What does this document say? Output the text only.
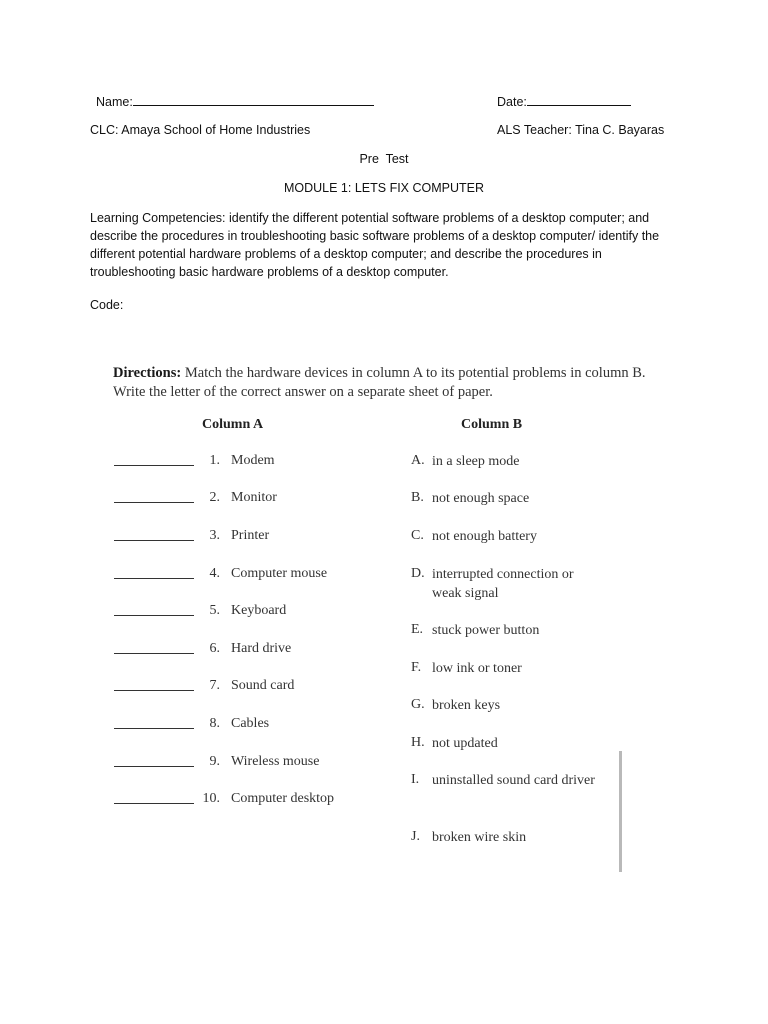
Name:	Date:
CLC: Amaya School of Home Industries	ALS Teacher: Tina C. Bayaras
Pre  Test
MODULE 1: LETS FIX COMPUTER
Learning Competencies: identify the different potential software problems of a desktop computer; and describe the procedures in troubleshooting basic software problems of a desktop computer/ identify the different potential hardware problems of a desktop computer; and describe the procedures in troubleshooting basic hardware problems of a desktop computer.
Code:
Directions: Match the hardware devices in column A to its potential problems in column B. Write the letter of the correct answer on a separate sheet of paper.
Column A	Column B
1. Modem
2. Monitor
3. Printer
4. Computer mouse
5. Keyboard
6. Hard drive
7. Sound card
8. Cables
9. Wireless mouse
10. Computer desktop
A. in a sleep mode
B. not enough space
C. not enough battery
D. interrupted connection or weak signal
E. stuck power button
F. low ink or toner
G. broken keys
H. not updated
I. uninstalled sound card driver
J. broken wire skin
